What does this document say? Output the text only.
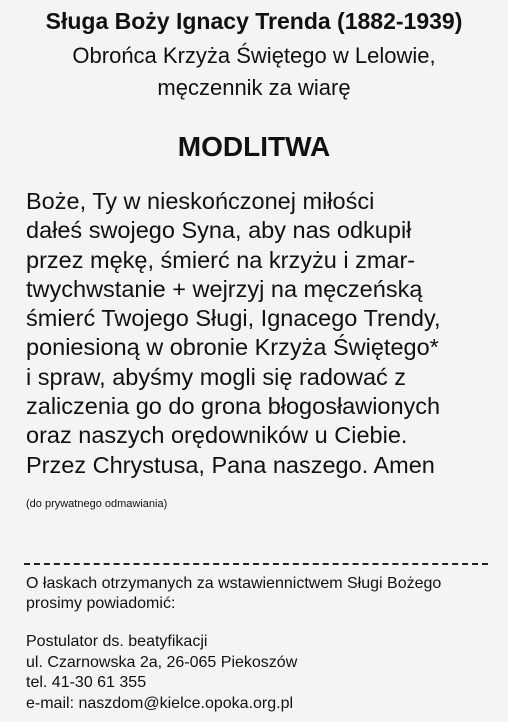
Sługa Boży Ignacy Trenda (1882-1939)
Obrońca Krzyża Świętego w Lelowie,
męczennik za wiarę
MODLITWA
Boże, Ty w nieskończonej miłości
dałeś swojego Syna, aby nas odkupił
przez mękę, śmierć na krzyżu i zmar-
twychwstanie + wejrzyj na męczeńską
śmierć Twojego Sługi, Ignacego Trendy,
poniesioną w obronie Krzyża Świętego*
i spraw, abyśmy mogli się radować z
zaliczenia go do grona błogosławionych
oraz naszych orędowników u Ciebie.
Przez Chrystusa, Pana naszego. Amen
(do prywatnego odmawiania)
O łaskach otrzymanych za wstawiennictwem Sługi Bożego
prosimy powiadomić:
Postulator ds. beatyfikacji
ul. Czarnowska 2a, 26-065 Piekoszów
tel. 41-30 61 355
e-mail: naszdom@kielce.opoka.org.pl
